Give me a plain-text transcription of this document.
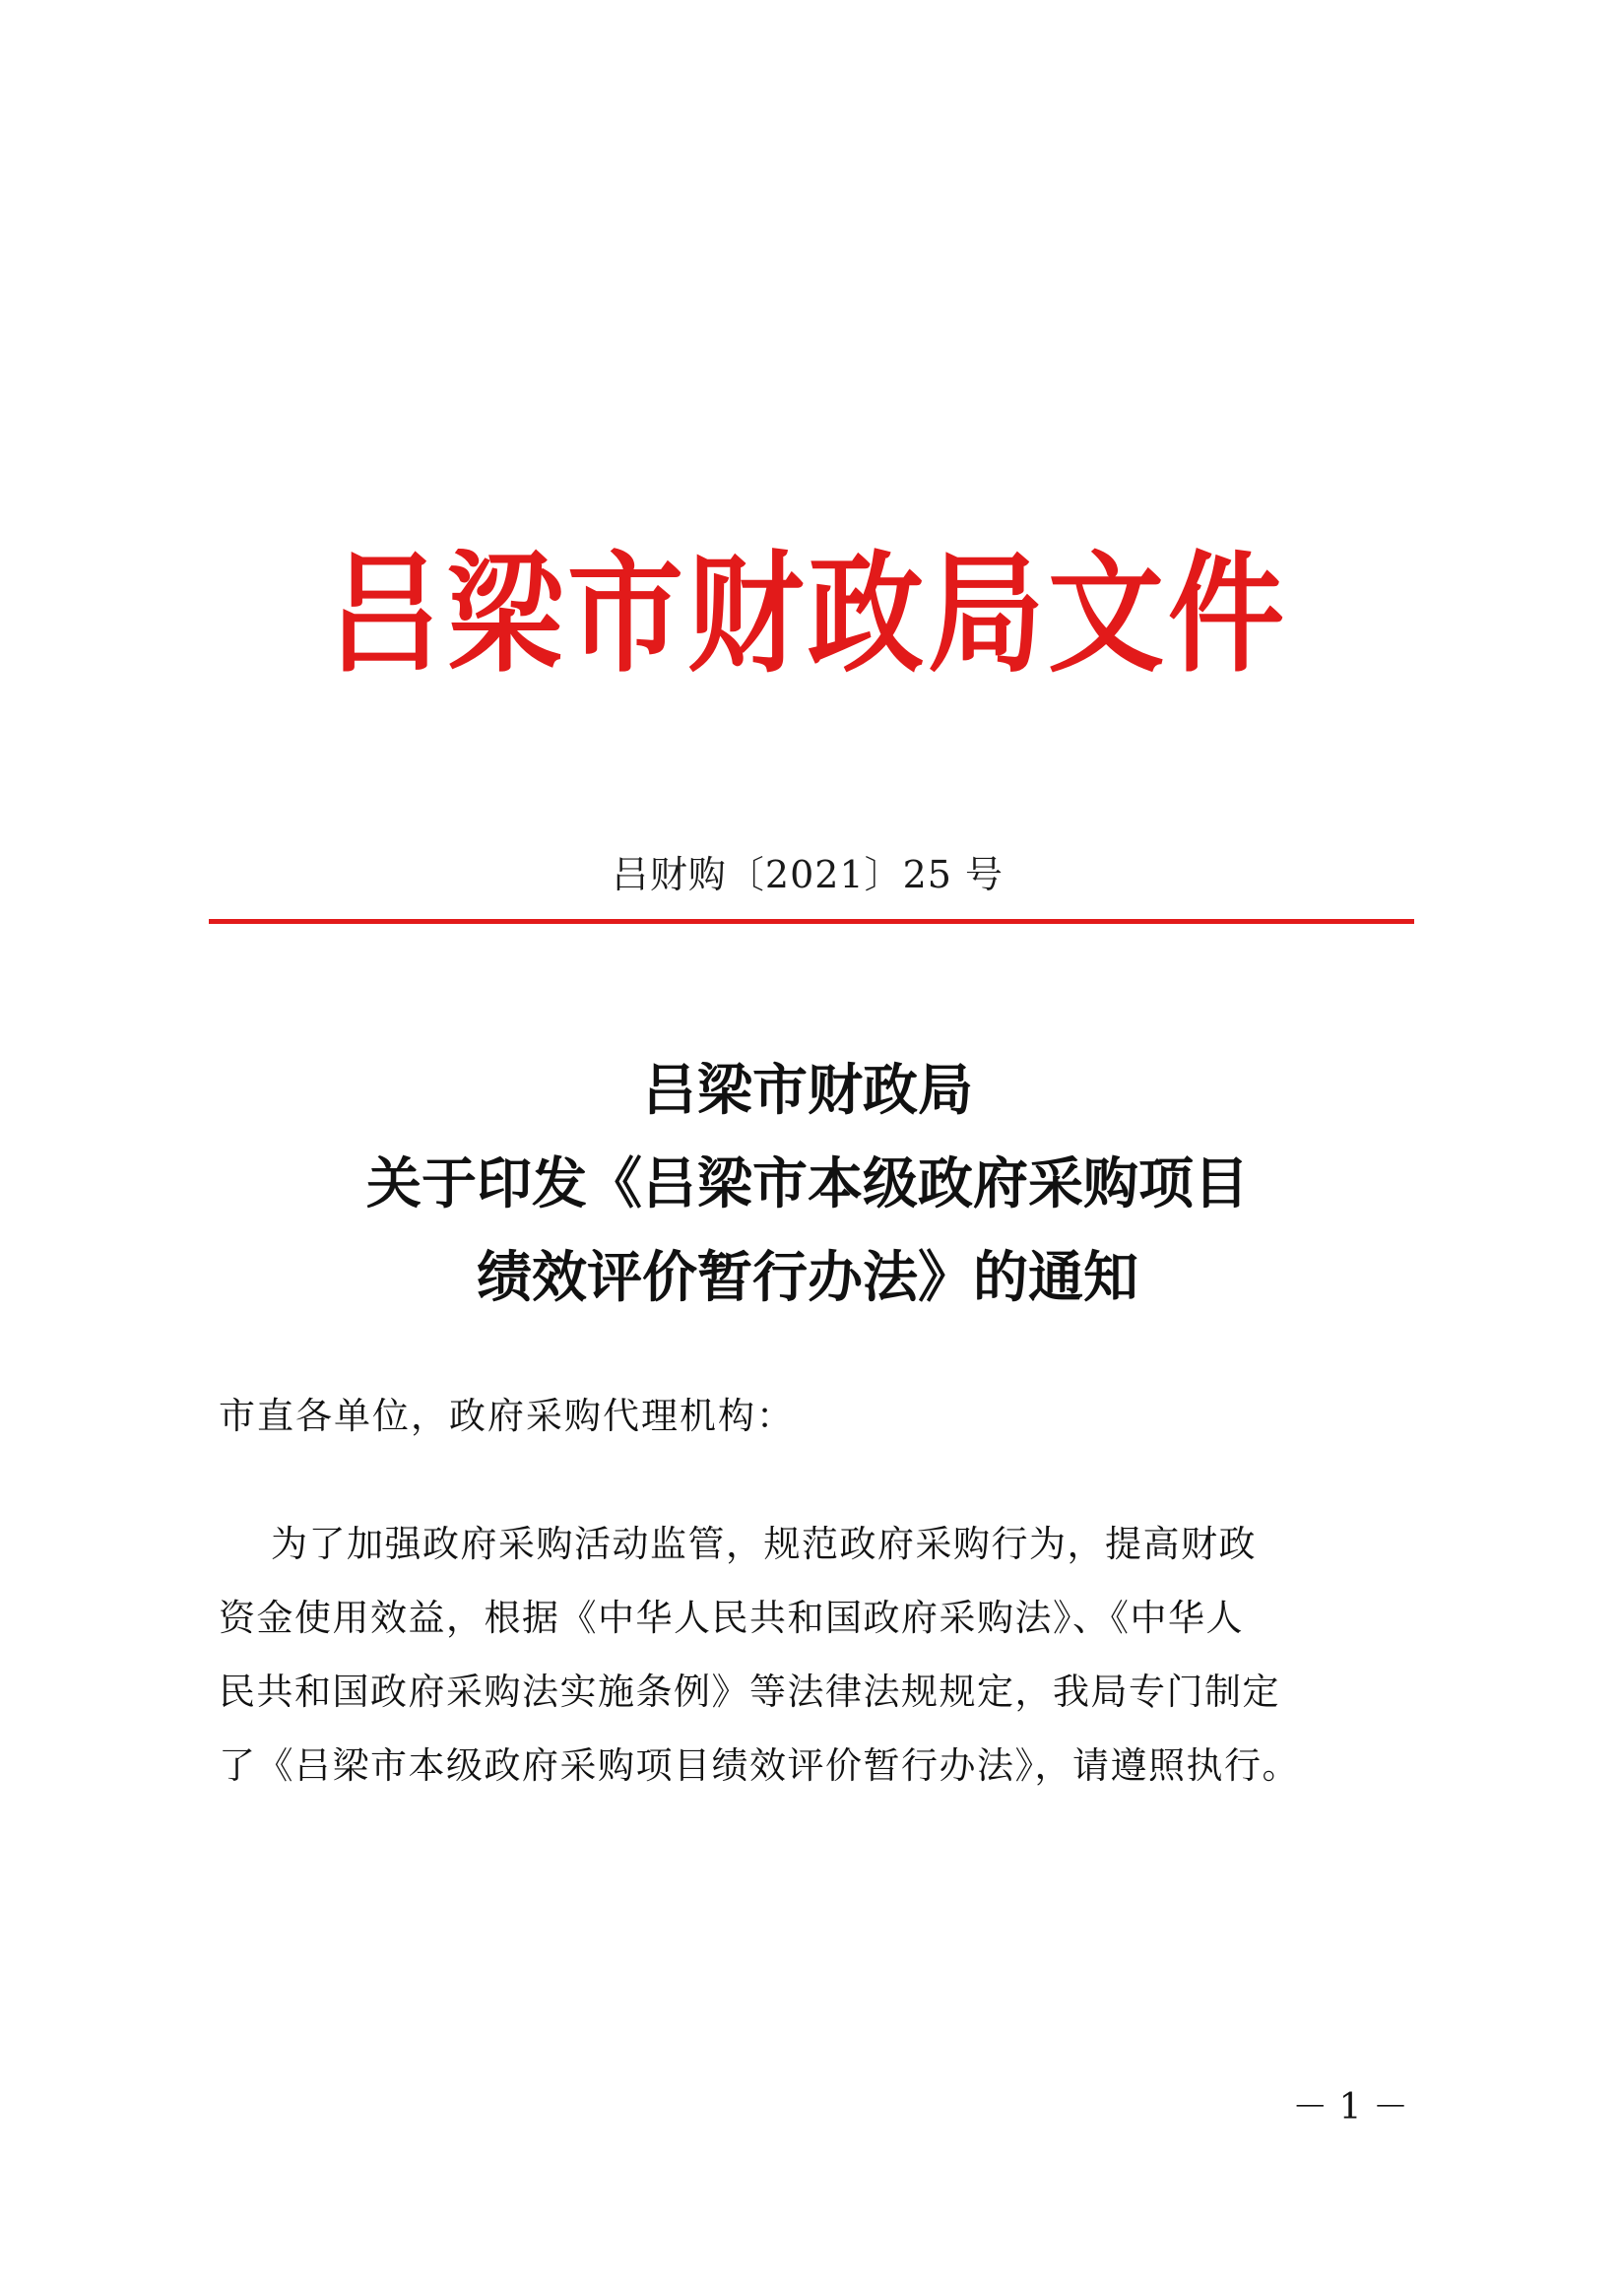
吕梁市财政局文件
吕财购〔2021〕25 号
吕梁市财政局
关于印发《吕梁市本级政府采购项目
绩效评价暂行办法》的通知
市直各单位，政府采购代理机构：
为了加强政府采购活动监管，规范政府采购行为，提高财政
资金使用效益，根据《中华人民共和国政府采购法》、《中华人
民共和国政府采购法实施条例》等法律法规规定，我局专门制定
了《吕梁市本级政府采购项目绩效评价暂行办法》，请遵照执行。
－ 1 －
